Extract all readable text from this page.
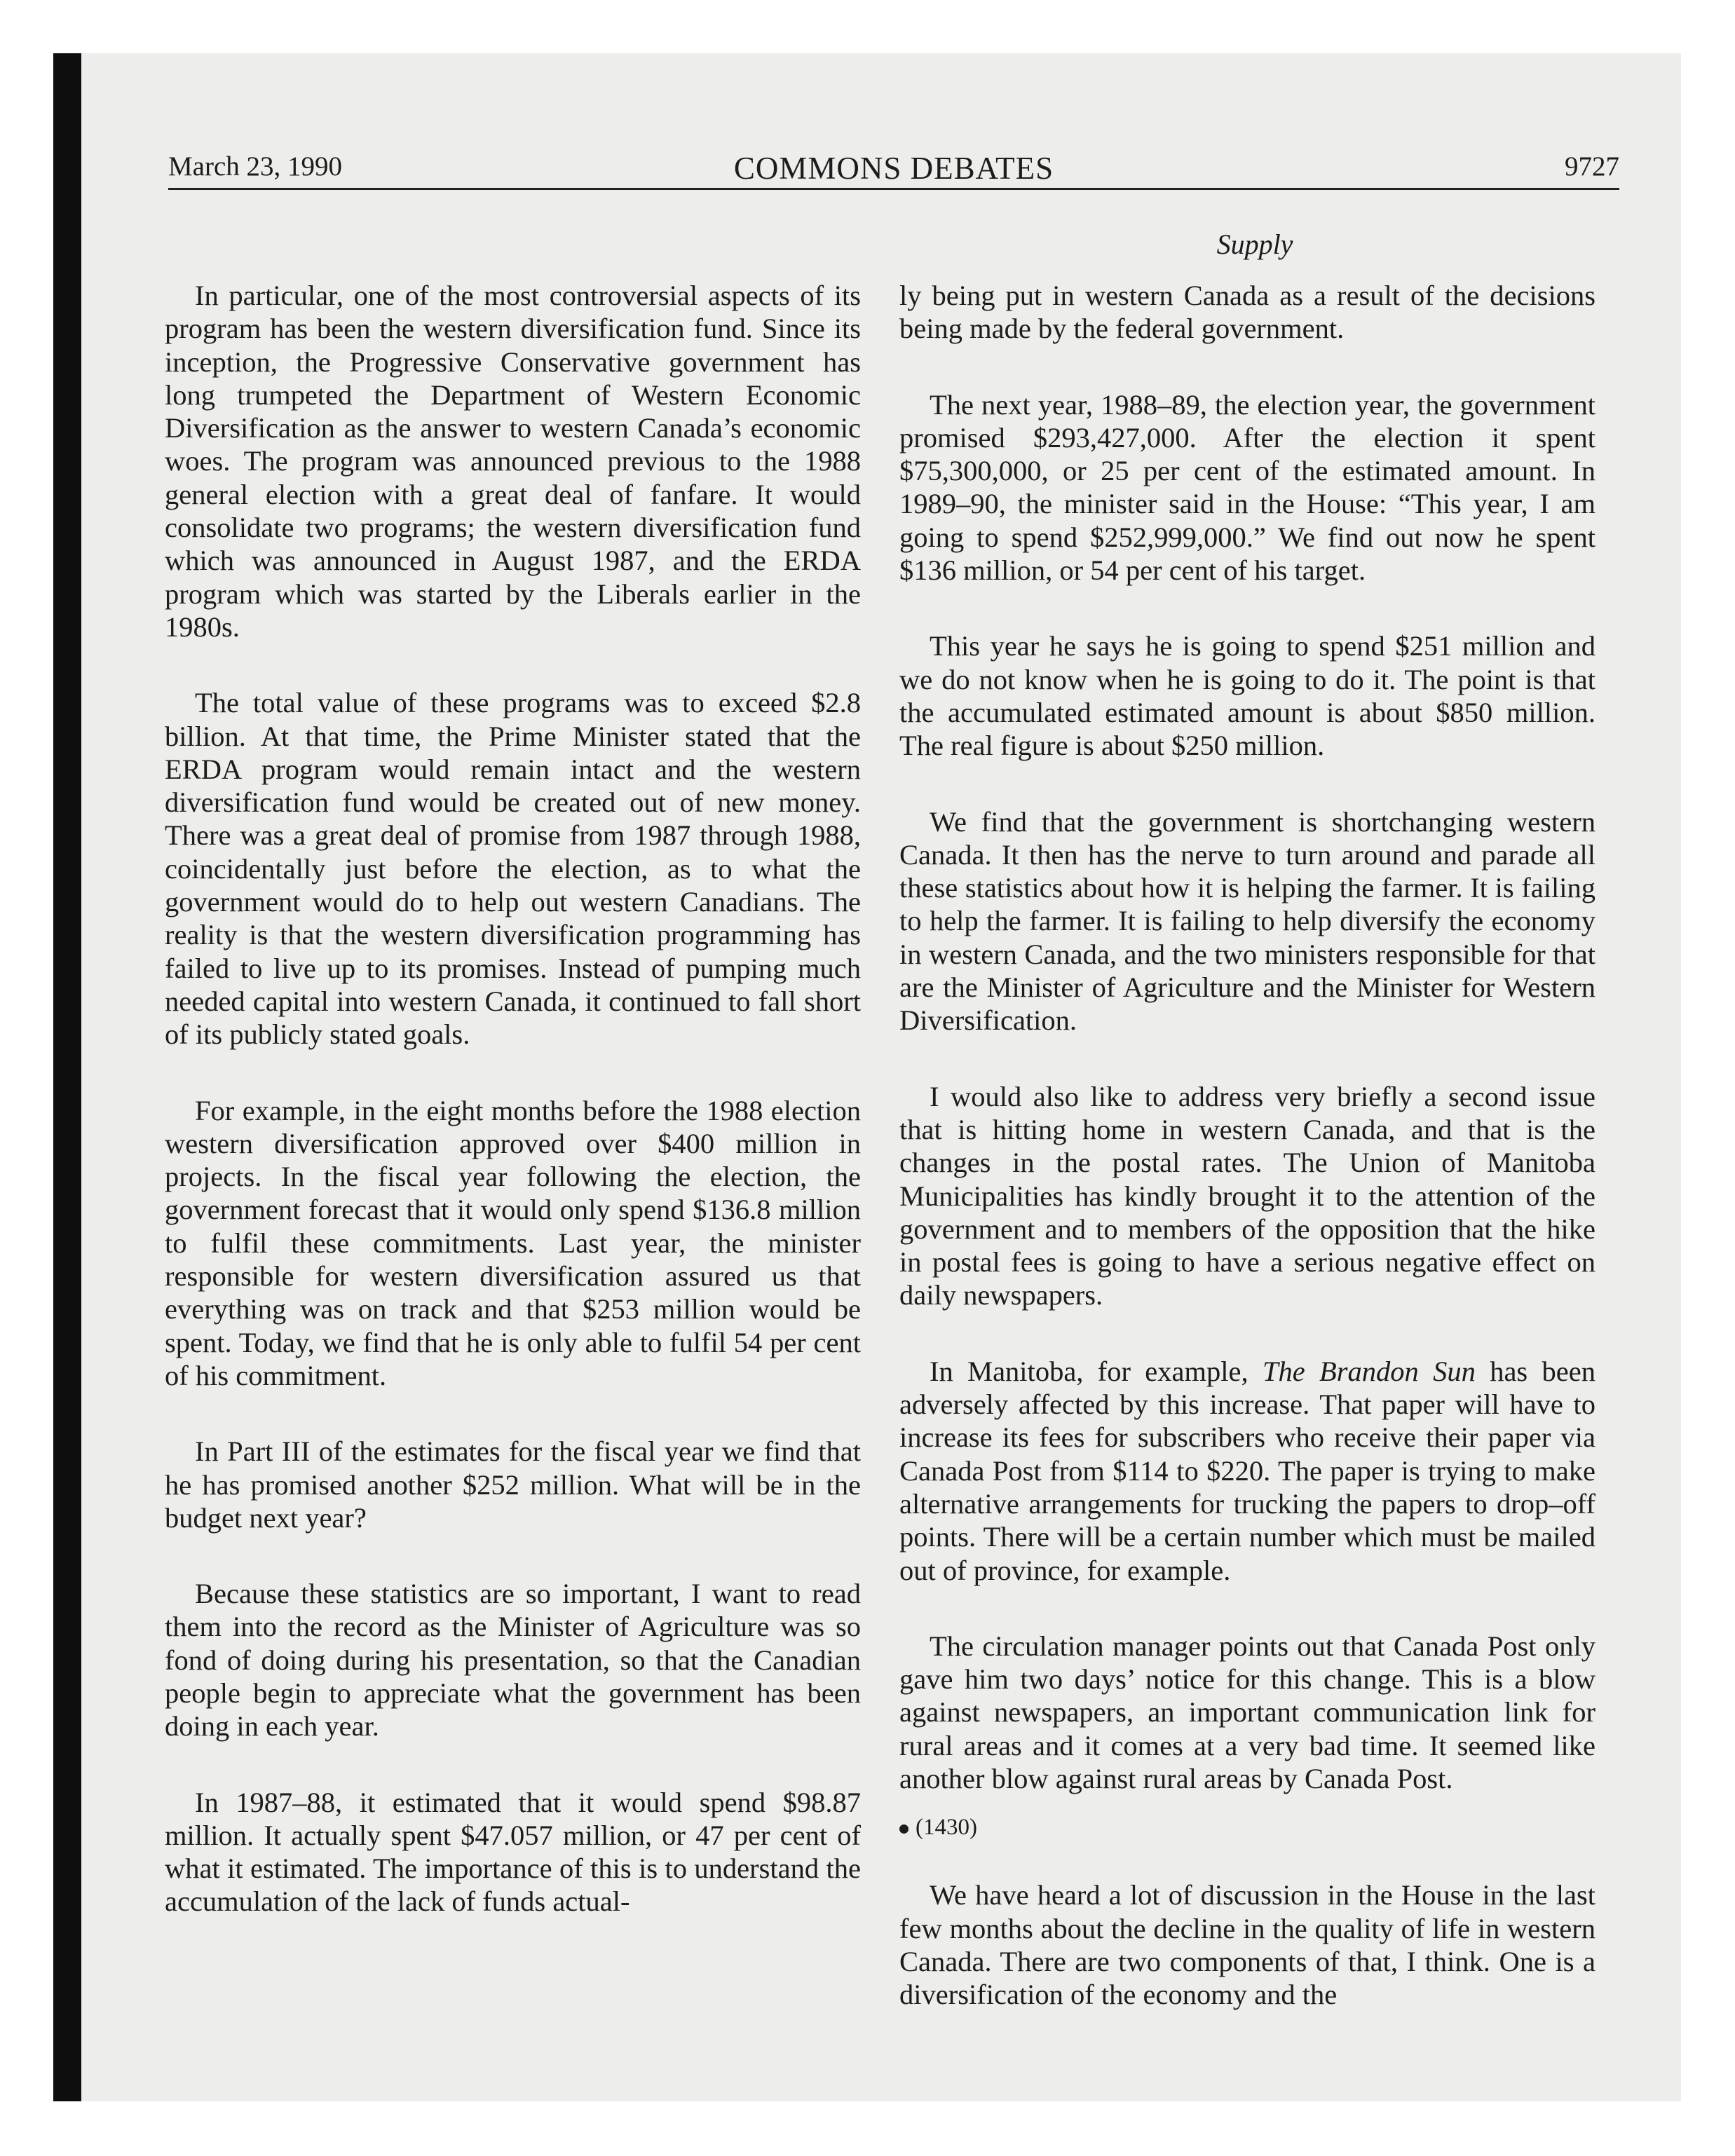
March 23, 1990	COMMONS DEBATES	9727
Supply

In particular, one of the most controversial aspects of its program has been the western diversification fund. Since its inception, the Progressive Conservative government has long trumpeted the Department of Western Economic Diversification as the answer to western Canada’s economic woes. The program was announced previous to the 1988 general election with a great deal of fanfare. It would consolidate two programs; the western diversification fund which was announced in August 1987, and the ERDA program which was started by the Liberals earlier in the 1980s.

The total value of these programs was to exceed $2.8 billion. At that time, the Prime Minister stated that the ERDA program would remain intact and the western diversification fund would be created out of new money. There was a great deal of promise from 1987 through 1988, coincidentally just before the election, as to what the government would do to help out western Canadians. The reality is that the western diversification programming has failed to live up to its promises. Instead of pumping much needed capital into western Canada, it continued to fall short of its publicly stated goals.

For example, in the eight months before the 1988 election western diversification approved over $400 million in projects. In the fiscal year following the election, the government forecast that it would only spend $136.8 million to fulfil these commitments. Last year, the minister responsible for western diversification assured us that everything was on track and that $253 million would be spent. Today, we find that he is only able to fulfil 54 per cent of his commitment.

In Part III of the estimates for the fiscal year we find that he has promised another $252 million. What will be in the budget next year?

Because these statistics are so important, I want to read them into the record as the Minister of Agriculture was so fond of doing during his presentation, so that the Canadian people begin to appreciate what the government has been doing in each year.

In 1987–88, it estimated that it would spend $98.87 million. It actually spent $47.057 million, or 47 per cent of what it estimated. The importance of this is to understand the accumulation of the lack of funds actual-

ly being put in western Canada as a result of the decisions being made by the federal government.

The next year, 1988–89, the election year, the government promised $293,427,000. After the election it spent $75,300,000, or 25 per cent of the estimated amount. In 1989–90, the minister said in the House: “This year, I am going to spend $252,999,000.” We find out now he spent $136 million, or 54 per cent of his target.

This year he says he is going to spend $251 million and we do not know when he is going to do it. The point is that the accumulated estimated amount is about $850 million. The real figure is about $250 million.

We find that the government is shortchanging western Canada. It then has the nerve to turn around and parade all these statistics about how it is helping the farmer. It is failing to help the farmer. It is failing to help diversify the economy in western Canada, and the two ministers responsible for that are the Minister of Agriculture and the Minister for Western Diversification.

I would also like to address very briefly a second issue that is hitting home in western Canada, and that is the changes in the postal rates. The Union of Manitoba Municipalities has kindly brought it to the attention of the government and to members of the opposition that the hike in postal fees is going to have a serious negative effect on daily newspapers.

In Manitoba, for example, The Brandon Sun has been adversely affected by this increase. That paper will have to increase its fees for subscribers who receive their paper via Canada Post from $114 to $220. The paper is trying to make alternative arrangements for trucking the papers to drop–off points. There will be a certain number which must be mailed out of province, for example.

The circulation manager points out that Canada Post only gave him two days’ notice for this change. This is a blow against newspapers, an important communication link for rural areas and it comes at a very bad time. It seemed like another blow against rural areas by Canada Post.

(1430)

We have heard a lot of discussion in the House in the last few months about the decline in the quality of life in western Canada. There are two components of that, I think. One is a diversification of the economy and the
